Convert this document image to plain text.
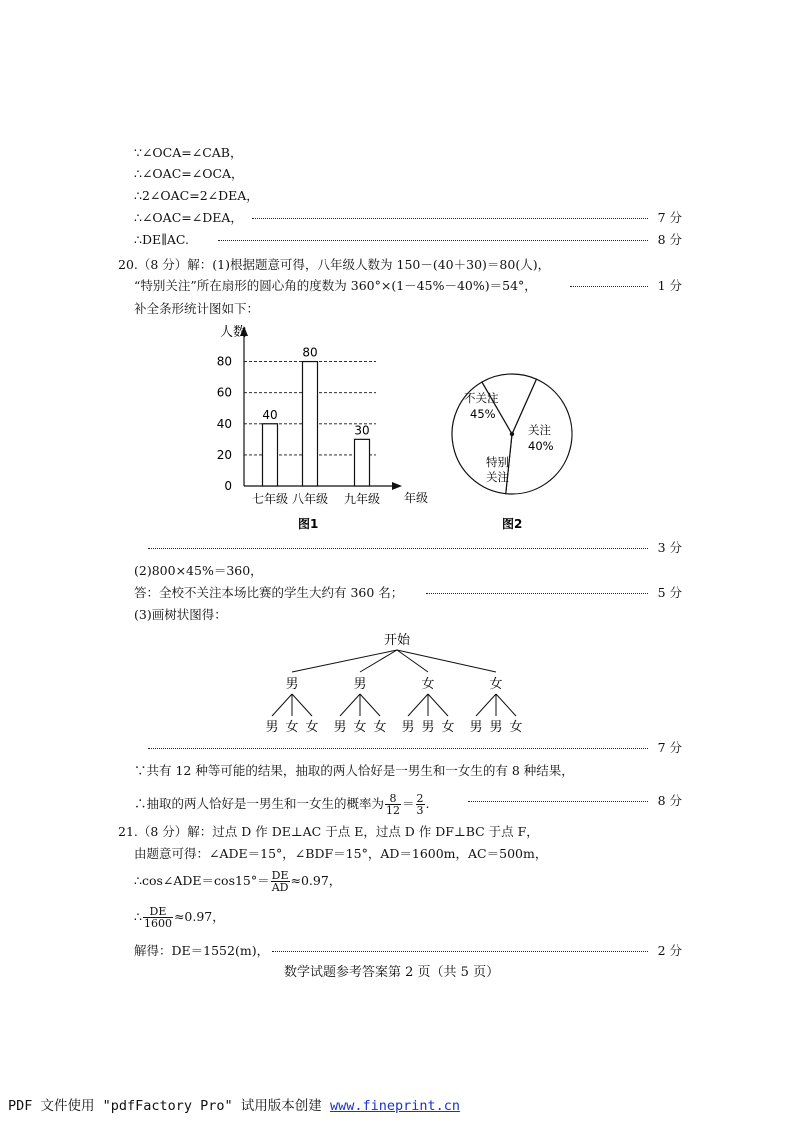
∵∠OCA=∠CAB，
∴∠OAC=∠OCA，
∴2∠OAC=2∠DEA，
∴∠OAC=∠DEA，	7 分
∴DE∥AC.	8 分
20.（8 分）解：(1)根据题意可得，八年级人数为 150－(40＋30)＝80(人)，
“特别关注”所在扇形的圆心角的度数为 360°×(1－45%－40%)＝54°，	1 分
补全条形统计图如下：
人数
年级
图1
0
20
40
60
80
40
80
30
七年级 八年级 九年级
不关注
45%
关注
40%
特别
关注
图2
3 分
(2)800×45%＝360，
答：全校不关注本场比赛的学生大约有 360 名；	5 分
(3)画树状图得：
开始
男	男	女	女
男 女 女 男 女 女 男 男 女 男 男 女
7 分
∵共有 12 种等可能的结果，抽取的两人恰好是一男生和一女生的有 8 种结果，
∴抽取的两人恰好是一男生和一女生的概率为 $\frac{8}{12} = \frac{2}{3}$ .	8 分
21.（8 分）解：过点 D 作 DE⊥AC 于点 E，过点 D 作 DF⊥BC 于点 F，
由题意可得：∠ADE＝15°，∠BDF＝15°，AD＝1600m，AC＝500m，
∴cos∠ADE＝cos15°＝ $\frac{DE}{AD} \approx 0.97$，
∴ $\frac{DE}{1600} \approx 0.97$，
解得：DE＝1552(m)，	2 分
数学试题参考答案第 2 页（共 5 页）
PDF 文件使用 "pdfFactory Pro" 试用版本创建 www.fineprint.cn
